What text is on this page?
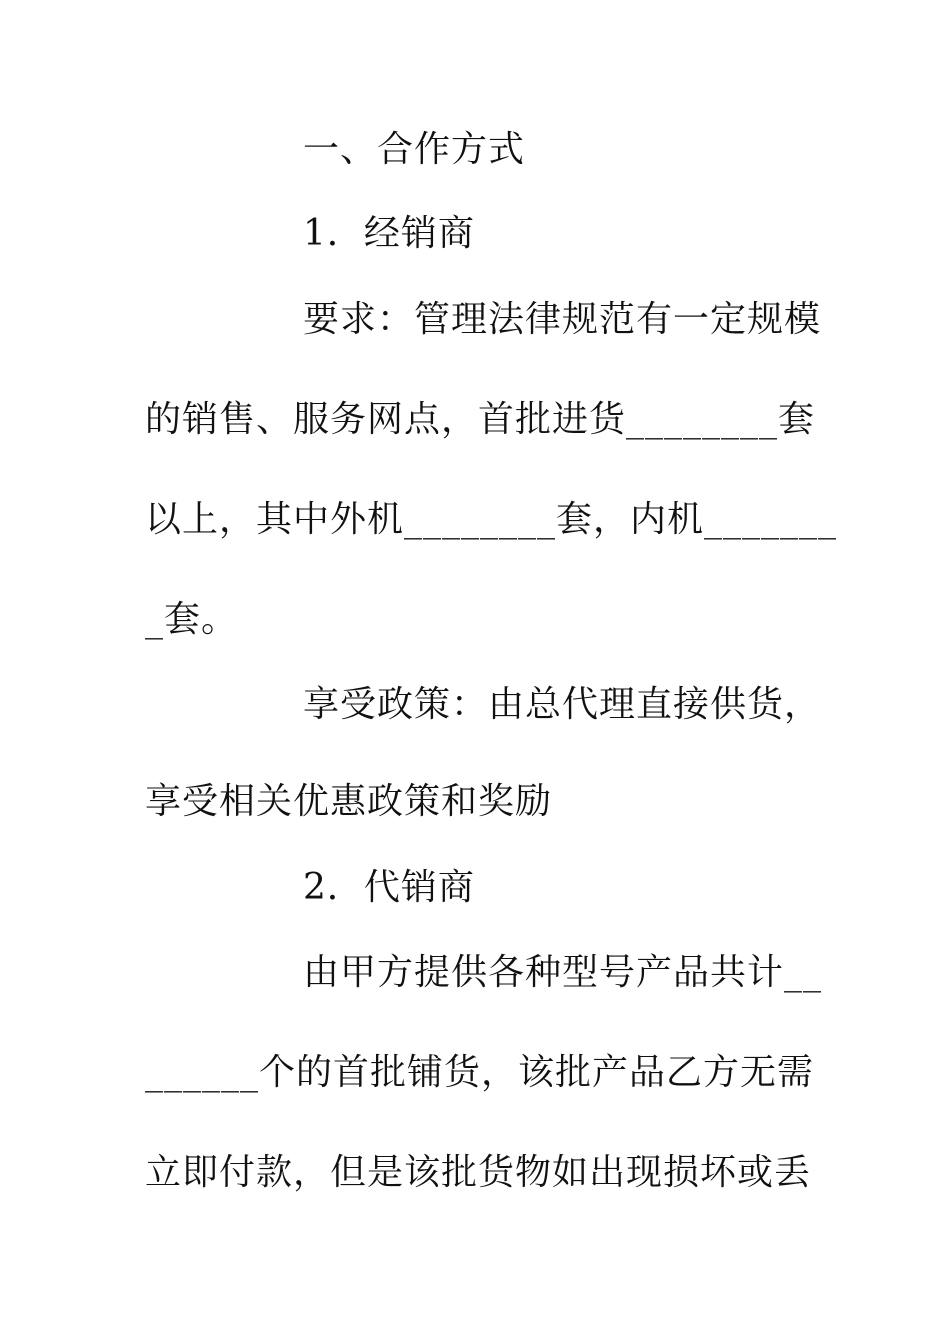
一、合作方式
1．经销商
要求：管理法律规范有一定规模
的销售、服务网点，首批进货________套
以上，其中外机________套，内机_______
_套。
享受政策：由总代理直接供货，
享受相关优惠政策和奖励
2．代销商
由甲方提供各种型号产品共计__
______个的首批铺货，该批产品乙方无需
立即付款，但是该批货物如出现损坏或丢
